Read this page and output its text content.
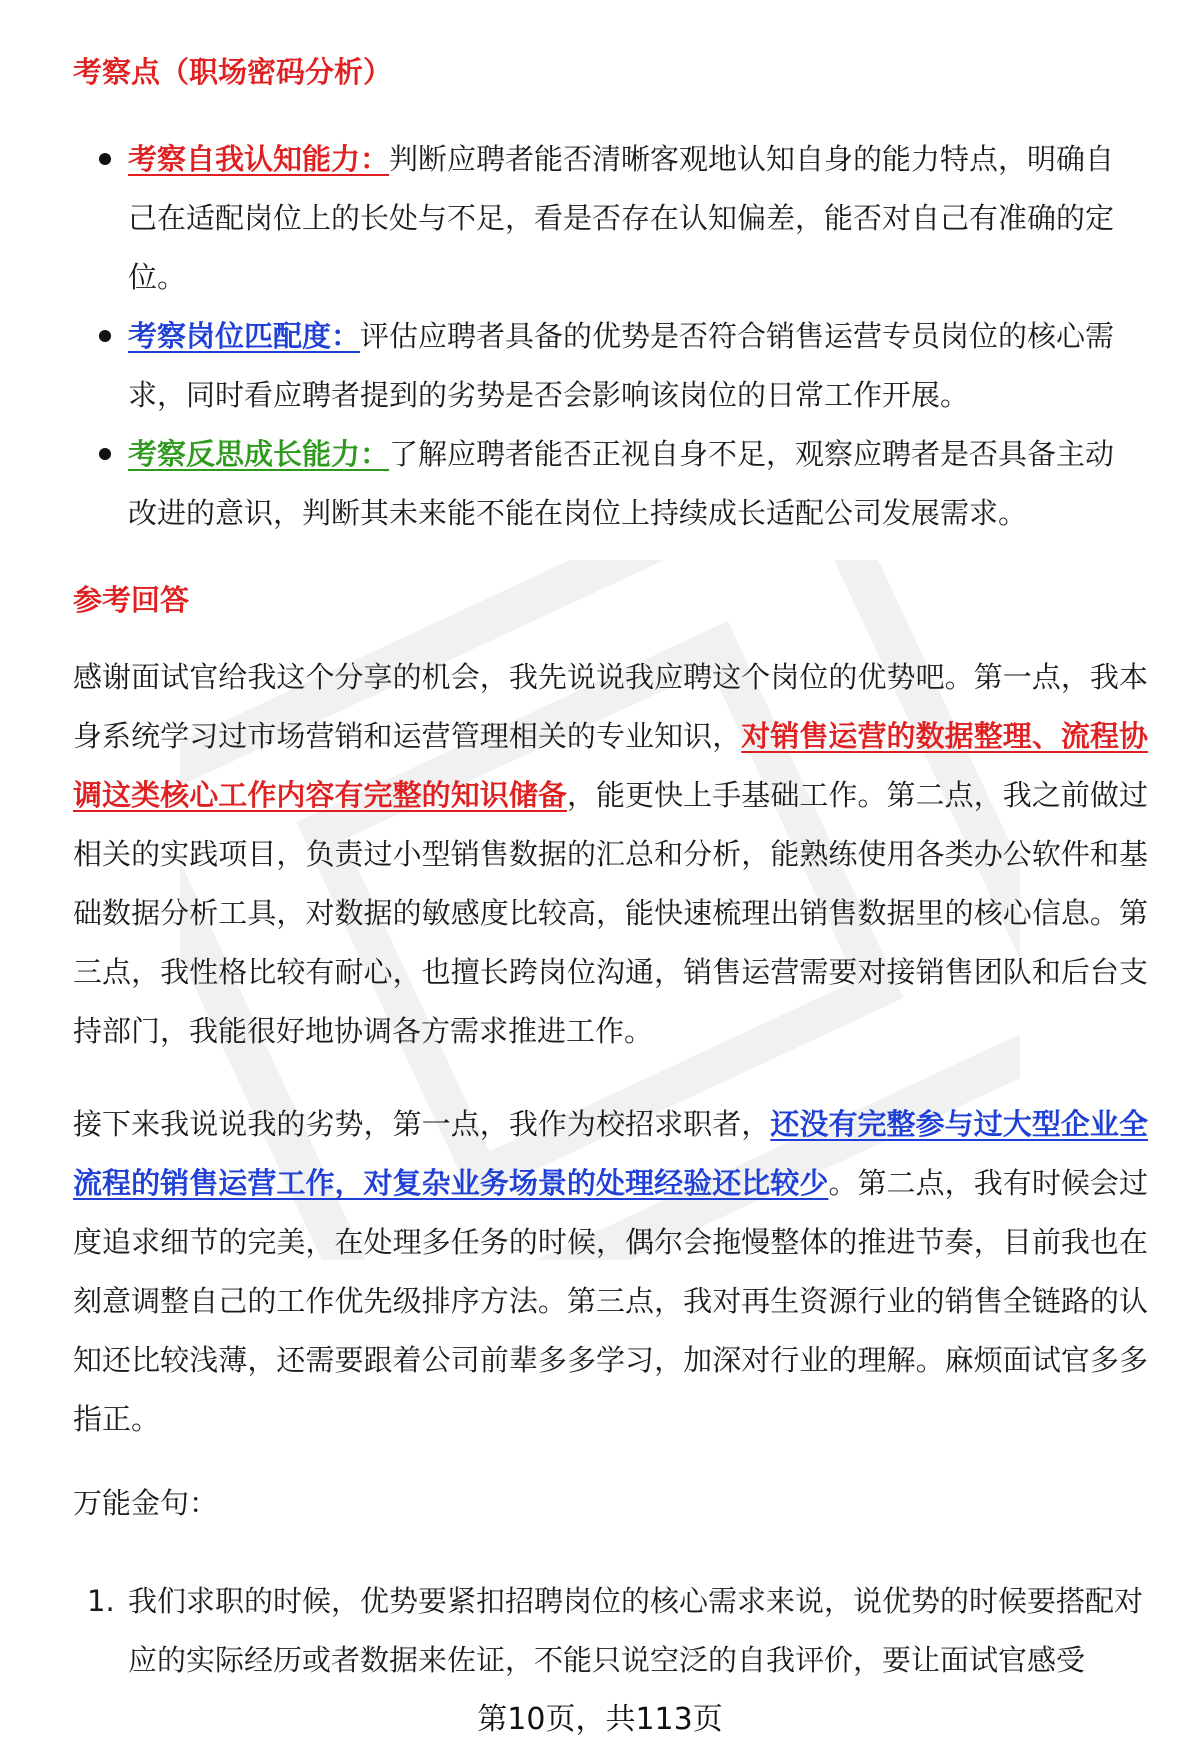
考察点（职场密码分析）
考察自我认知能力：判断应聘者能否清晰客观地认知自身的能力特点，明确自己在适配岗位上的长处与不足，看是否存在认知偏差，能否对自己有准确的定位。
考察岗位匹配度：评估应聘者具备的优势是否符合销售运营专员岗位的核心需求，同时看应聘者提到的劣势是否会影响该岗位的日常工作开展。
考察反思成长能力：了解应聘者能否正视自身不足，观察应聘者是否具备主动改进的意识，判断其未来能不能在岗位上持续成长适配公司发展需求。
参考回答

感谢面试官给我这个分享的机会，我先说说我应聘这个岗位的优势吧。第一点，我本身系统学习过市场营销和运营管理相关的专业知识，对销售运营的数据整理、流程协调这类核心工作内容有完整的知识储备，能更快上手基础工作。第二点，我之前做过相关的实践项目，负责过小型销售数据的汇总和分析，能熟练使用各类办公软件和基础数据分析工具，对数据的敏感度比较高，能快速梳理出销售数据里的核心信息。第三点，我性格比较有耐心，也擅长跨岗位沟通，销售运营需要对接销售团队和后台支持部门，我能很好地协调各方需求推进工作。

接下来我说说我的劣势，第一点，我作为校招求职者，还没有完整参与过大型企业全流程的销售运营工作，对复杂业务场景的处理经验还比较少。第二点，我有时候会过度追求细节的完美，在处理多任务的时候，偶尔会拖慢整体的推进节奏，目前我也在刻意调整自己的工作优先级排序方法。第三点，我对再生资源行业的销售全链路的认知还比较浅薄，还需要跟着公司前辈多多学习，加深对行业的理解。麻烦面试官多多指正。

万能金句：

1. 我们求职的时候，优势要紧扣招聘岗位的核心需求来说，说优势的时候要搭配对应的实际经历或者数据来佐证，不能只说空泛的自我评价，要让面试官感受
第10页，共113页
